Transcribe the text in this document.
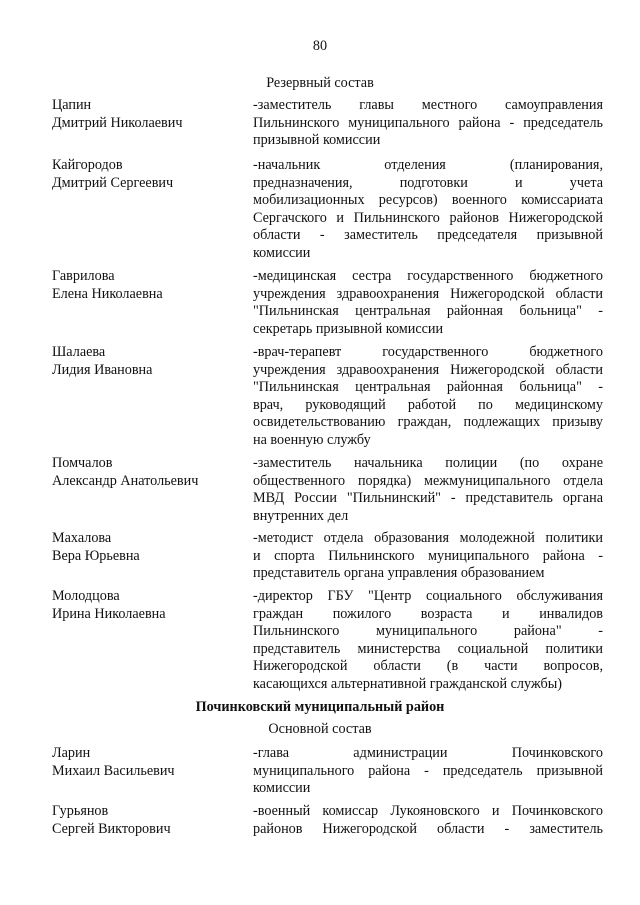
80
Резервный состав
Цапин
Дмитрий Николаевич
-заместитель главы местного самоуправления
Пильнинского муниципального района - председатель
призывной комиссии
Кайгородов
Дмитрий Сергеевич
-начальник отделения (планирования,
предназначения, подготовки и учета
мобилизационных ресурсов) военного комиссариата
Сергачского и Пильнинского районов Нижегородской
области - заместитель председателя призывной
комиссии
Гаврилова
Елена Николаевна
-медицинская сестра государственного бюджетного
учреждения здравоохранения Нижегородской области
"Пильнинская центральная районная больница" -
секретарь призывной комиссии
Шалаева
Лидия Ивановна
-врач-терапевт государственного бюджетного
учреждения здравоохранения Нижегородской области
"Пильнинская центральная районная больница" -
врач, руководящий работой по медицинскому
освидетельствованию граждан, подлежащих призыву
на военную службу
Помчалов
Александр Анатольевич
-заместитель начальника полиции (по охране
общественного порядка) межмуниципального отдела
МВД России "Пильнинский" - представитель органа
внутренних дел
Махалова
Вера Юрьевна
-методист отдела образования молодежной политики
и спорта Пильнинского муниципального района -
представитель органа управления образованием
Молодцова
Ирина Николаевна
-директор ГБУ "Центр социального обслуживания
граждан пожилого возраста и инвалидов
Пильнинского муниципального района" -
представитель министерства социальной политики
Нижегородской области (в части вопросов,
касающихся альтернативной гражданской службы)
Починковский муниципальный район
Основной состав
Ларин
Михаил Васильевич
-глава администрации Починковского
муниципального района - председатель призывной
комиссии
Гурьянов
Сергей Викторович
-военный комиссар Лукояновского и Починковского
районов Нижегородской области - заместитель
